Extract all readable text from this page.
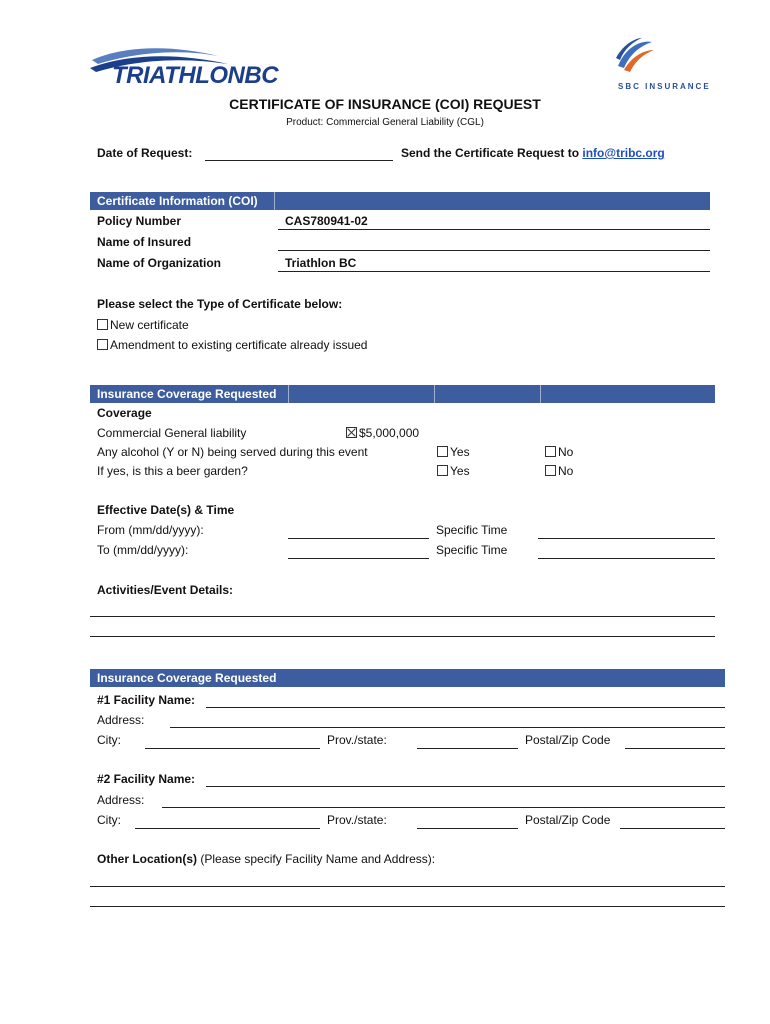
TRIATHLONBC	SBC INSURANCE
CERTIFICATE OF INSURANCE (COI) REQUEST
Product: Commercial General Liability (CGL)
Date of Request:	Send the Certificate Request to info@tribc.org
Certificate Information (COI)
Policy Number	CAS780941-02
Name of Insured
Name of Organization	Triathlon BC
Please select the Type of Certificate below:
New certificate
Amendment to existing certificate already issued
Insurance Coverage Requested
Coverage
Commercial General liability	$5,000,000
Any alcohol (Y or N) being served during this event	Yes	No
If yes, is this a beer garden?	Yes	No
Effective Date(s) & Time
From (mm/dd/yyyy):	Specific Time
To (mm/dd/yyyy):	Specific Time
Activities/Event Details:
Insurance Coverage Requested
#1 Facility Name:
Address:
City:	Prov./state:	Postal/Zip Code
#2 Facility Name:
Address:
City:	Prov./state:	Postal/Zip Code
Other Location(s) (Please specify Facility Name and Address):
